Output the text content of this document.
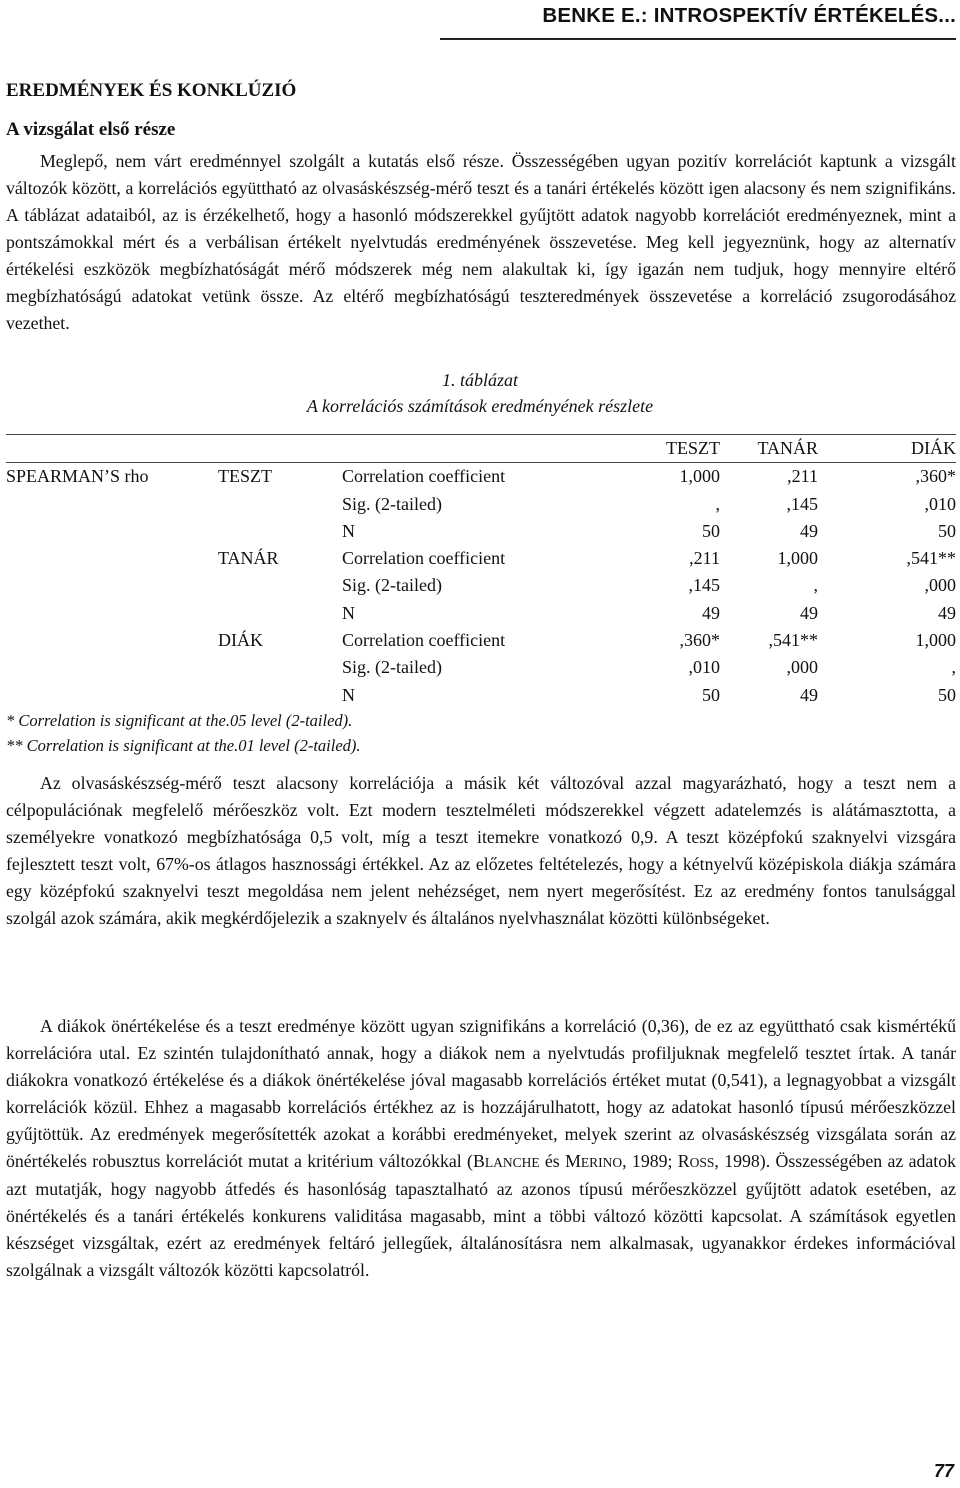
BENKE E.: INTROSPEKTÍV ÉRTÉKELÉS...
EREDMÉNYEK ÉS KONKLÚZIÓ
A vizsgálat első része

Meglepő, nem várt eredménnyel szolgált a kutatás első része. Összességében ugyan pozitív korrelációt kaptunk a vizsgált változók között, a korrelációs együttható az olvasáskészség-mérő teszt és a tanári értékelés között igen alacsony és nem szignifikáns. A táblázat adataiból, az is érzékelhető, hogy a hasonló módszerekkel gyűjtött adatok nagyobb korrelációt eredményeznek, mint a pontszámokkal mért és a verbálisan értékelt nyelvtudás eredményének összevetése. Meg kell jegyeznünk, hogy az alternatív értékelési eszközök megbízhatóságát mérő módszerek még nem alakultak ki, így igazán nem tudjuk, hogy mennyire eltérő megbízhatóságú adatokat vetünk össze. Az eltérő megbízhatóságú teszteredmények összevetése a korreláció zsugorodásához vezethet.

1. táblázat
A korrelációs számítások eredményének részlete
			TESZT	TANÁR	DIÁK
SPEARMAN’S rho	TESZT	Correlation coefficient	1,000	,211	,360*
		Sig. (2-tailed)	,	,145	,010
		N	50	49	50
	TANÁR	Correlation coefficient	,211	1,000	,541**
		Sig. (2-tailed)	,145	,	,000
		N	49	49	49
	DIÁK	Correlation coefficient	,360*	,541**	1,000
		Sig. (2-tailed)	,010	,000	,
		N	50	49	50
* Correlation is significant at the.05 level (2-tailed).
** Correlation is significant at the.01 level (2-tailed).

Az olvasáskészség-mérő teszt alacsony korrelációja a másik két változóval azzal magyarázható, hogy a teszt nem a célpopulációnak megfelelő mérőeszköz volt. Ezt modern tesztelméleti módszerekkel végzett adatelemzés is alátámasztotta, a személyekre vonatkozó megbízhatósága 0,5 volt, míg a teszt itemekre vonatkozó 0,9. A teszt középfokú szaknyelvi vizsgára fejlesztett teszt volt, 67%-os átlagos hasznossági értékkel. Az az előzetes feltételezés, hogy a kétnyelvű középiskola diákja számára egy középfokú szaknyelvi teszt megoldása nem jelent nehézséget, nem nyert megerősítést. Ez az eredmény fontos tanulsággal szolgál azok számára, akik megkérdőjelezik a szaknyelv és általános nyelvhasználat közötti különbségeket.

A diákok önértékelése és a teszt eredménye között ugyan szignifikáns a korreláció (0,36), de ez az együttható csak kismértékű korrelációra utal. Ez szintén tulajdonítható annak, hogy a diákok nem a nyelvtudás profiljuknak megfelelő tesztet írtak. A tanár diákokra vonatkozó értékelése és a diákok önértékelése jóval magasabb korrelációs értéket mutat (0,541), a legnagyobbat a vizsgált korrelációk közül. Ehhez a magasabb korrelációs értékhez az is hozzájárulhatott, hogy az adatokat hasonló típusú mérőeszközzel gyűjtöttük. Az eredmények megerősítették azokat a korábbi eredményeket, melyek szerint az olvasáskészség vizsgálata során az önértékelés robusztus korrelációt mutat a kritérium változókkal (BLANCHE és MERINO, 1989; ROSS, 1998). Összességében az adatok azt mutatják, hogy nagyobb átfedés és hasonlóság tapasztalható az azonos típusú mérőeszközzel gyűjtött adatok esetében, az önértékelés és a tanári értékelés konkurens validitása magasabb, mint a többi változó közötti kapcsolat. A számítások egyetlen készséget vizsgáltak, ezért az eredmények feltáró jellegűek, általánosításra nem alkalmasak, ugyanakkor érdekes információval szolgálnak a vizsgált változók közötti kapcsolatról.

77
